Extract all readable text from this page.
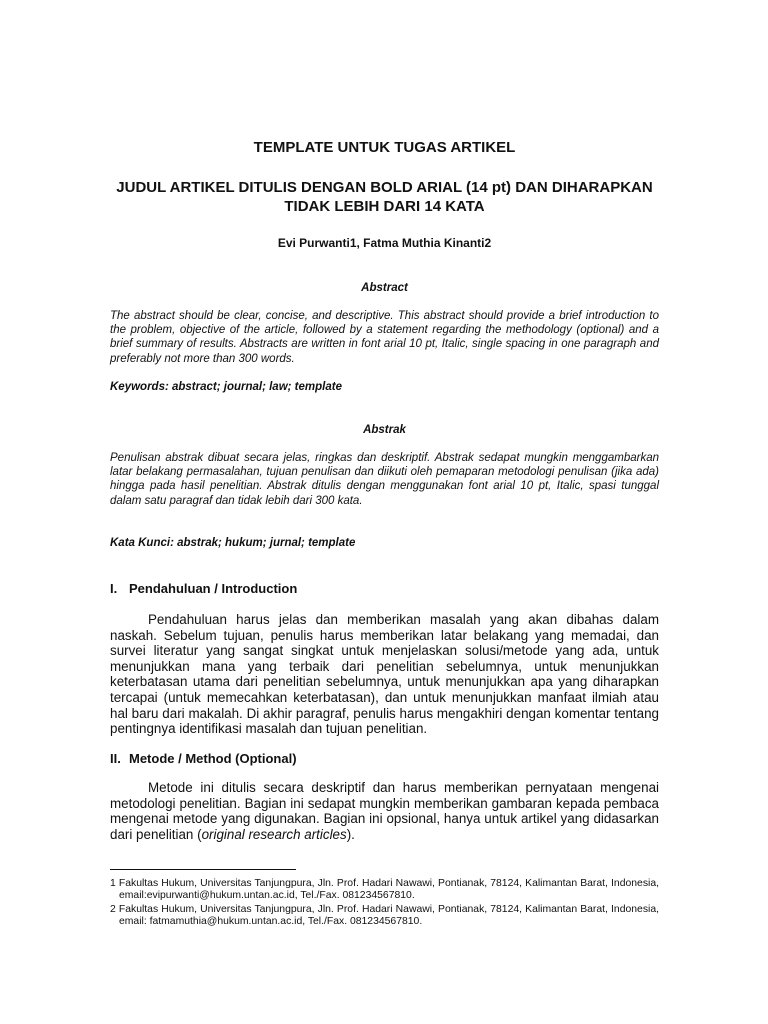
TEMPLATE UNTUK TUGAS ARTIKEL
JUDUL ARTIKEL DITULIS DENGAN BOLD ARIAL (14 pt) DAN DIHARAPKAN TIDAK LEBIH DARI 14 KATA

Evi Purwanti1, Fatma Muthia Kinanti2

Abstract

The abstract should be clear, concise, and descriptive. This abstract should provide a brief introduction to the problem, objective of the article, followed by a statement regarding the methodology (optional) and a brief summary of results. Abstracts are written in font arial 10 pt, Italic, single spacing in one paragraph and preferably not more than 300 words.

Keywords: abstract; journal; law; template

Abstrak

Penulisan abstrak dibuat secara jelas, ringkas dan deskriptif. Abstrak sedapat mungkin menggambarkan latar belakang permasalahan, tujuan penulisan dan diikuti oleh pemaparan metodologi penulisan (jika ada) hingga pada hasil penelitian. Abstrak ditulis dengan menggunakan font arial 10 pt, Italic, spasi tunggal dalam satu paragraf dan tidak lebih dari 300 kata.

Kata Kunci: abstrak; hukum; jurnal; template

I. Pendahuluan / Introduction

Pendahuluan harus jelas dan memberikan masalah yang akan dibahas dalam naskah. Sebelum tujuan, penulis harus memberikan latar belakang yang memadai, dan survei literatur yang sangat singkat untuk menjelaskan solusi/metode yang ada, untuk menunjukkan mana yang terbaik dari penelitian sebelumnya, untuk menunjukkan keterbatasan utama dari penelitian sebelumnya, untuk menunjukkan apa yang diharapkan tercapai (untuk memecahkan keterbatasan), dan untuk menunjukkan manfaat ilmiah atau hal baru dari makalah. Di akhir paragraf, penulis harus mengakhiri dengan komentar tentang pentingnya identifikasi masalah dan tujuan penelitian.

II. Metode / Method (Optional)

Metode ini ditulis secara deskriptif dan harus memberikan pernyataan mengenai metodologi penelitian. Bagian ini sedapat mungkin memberikan gambaran kepada pembaca mengenai metode yang digunakan. Bagian ini opsional, hanya untuk artikel yang didasarkan dari penelitian (original research articles).

1 Fakultas Hukum, Universitas Tanjungpura, Jln. Prof. Hadari Nawawi, Pontianak, 78124, Kalimantan Barat, Indonesia, email:evipurwanti@hukum.untan.ac.id, Tel./Fax. 081234567810.

2 Fakultas Hukum, Universitas Tanjungpura, Jln. Prof. Hadari Nawawi, Pontianak, 78124, Kalimantan Barat, Indonesia, email: fatmamuthia@hukum.untan.ac.id, Tel./Fax. 081234567810.
